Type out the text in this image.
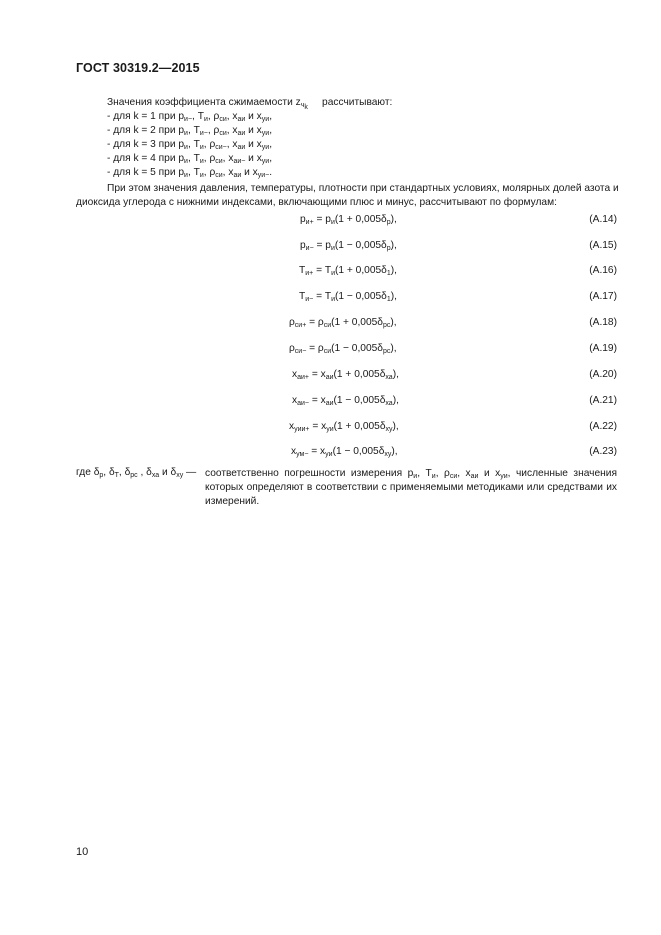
ГОСТ 30319.2—2015
Значения коэффициента сжимаемости $z_{ч_k}$ рассчитывают:
- для k = 1 при $p_{и-}$, $T_и$, $\rho_{си}$, $x_{аи}$ и $x_{уи}$,
- для k = 2 при $p_и$, $T_{и-}$, $\rho_{си}$, $x_{аи}$ и $x_{уи}$,
- для k = 3 при $p_и$, $T_и$, $\rho_{си-}$, $x_{аи}$ и $x_{уи}$,
- для k = 4 при $p_и$, $T_и$, $\rho_{си}$, $x_{аи-}$ и $x_{уи}$,
- для k = 5 при $p_и$, $T_и$, $\rho_{си}$, $x_{аи}$ и $x_{уи-}$.
При этом значения давления, температуры, плотности при стандартных условиях, молярных долей азота и
диоксида углерода с нижними индексами, включающими плюс и минус, рассчитывают по формулам:
$p_{и+} = p_и(1 + 0,005\delta_р)$,	(A.14)
$p_{и-} = p_и(1 - 0,005\delta_р)$,	(A.15)
$T_{и+} = T_и(1 + 0,005\delta_1)$,	(A.16)
$T_{и-} = T_и(1 - 0,005\delta_1)$,	(A.17)
$\rho_{си+} = \rho_{си}(1 + 0,005\delta_{рс})$,	(A.18)
$\rho_{си-} = \rho_{си}(1 - 0,005\delta_{рс})$,	(A.19)
$x_{аи+} = x_{аи}(1 + 0,005\delta_{ха})$,	(A.20)
$x_{аи-} = x_{аи}(1 - 0,005\delta_{ха})$,	(A.21)
$x_{уии+} = x_{уи}(1 + 0,005\delta_{ху})$,	(A.22)
$x_{ум-} = x_{уи}(1 - 0,005\delta_{ху})$,	(A.23)
где $\delta_р$, $\delta_Т$, $\delta_{рс}$ , $\delta_{ха}$ и $\delta_{ху}$ — соответственно погрешности измерения $p_и$, $T_и$, $\rho_{си}$, $x_{аи}$ и $x_{уи}$, численные значения которых определяют в соответствии с применяемыми методиками или средствами их измерений.
10
